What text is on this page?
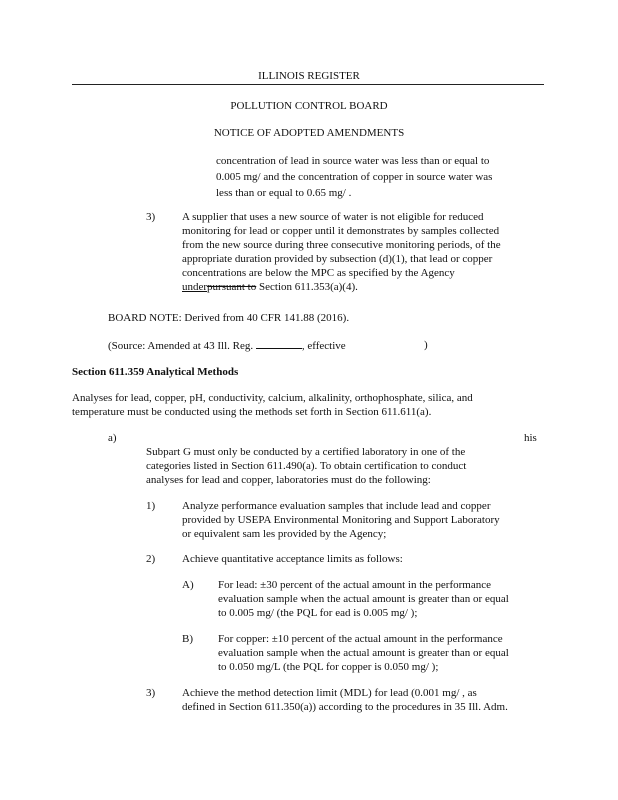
ILLINOIS REGISTER
POLLUTION CONTROL BOARD
NOTICE OF ADOPTED AMENDMENTS
concentration of lead in source water was less than or equal to
0.005 mg/ and the concentration of copper in source water was
less than or equal to 0.65 mg/ .
3) A supplier that uses a new source of water is not eligible for reduced
monitoring for lead or copper until it demonstrates by samples collected
from the new source during three consecutive monitoring periods, of the
appropriate duration provided by subsection (d)(1), that lead or copper
concentrations are below the MPC as specified by the Agency
underpursuant to Section 611.353(a)(4).
BOARD NOTE: Derived from 40 CFR 141.88 (2016).
(Source: Amended at 43 Ill. Reg.	, effective	)
Section 611.359 Analytical Methods
Analyses for lead, copper, pH, conductivity, calcium, alkalinity, orthophosphate, silica, and
temperature must be conducted using the methods set forth in Section 611.611(a).
a)	his
Subpart G must only be conducted by a certified laboratory in one of the
categories listed in Section 611.490(a). To obtain certification to conduct
analyses for lead and copper, laboratories must do the following:
1) Analyze performance evaluation samples that include lead and copper
provided by USEPA Environmental Monitoring and Support Laboratory
or equivalent sam les provided by the Agency;
2) Achieve quantitative acceptance limits as follows:
A) For lead: ±30 percent of the actual amount in the performance
evaluation sample when the actual amount is greater than or equal
to 0.005 mg/ (the PQL for ead is 0.005 mg/ );
B) For copper: ±10 percent of the actual amount in the performance
evaluation sample when the actual amount is greater than or equal
to 0.050 mg/L (the PQL for copper is 0.050 mg/ );
3) Achieve the method detection limit (MDL) for lead (0.001 mg/ , as
defined in Section 611.350(a)) according to the procedures in 35 Ill. Adm.
